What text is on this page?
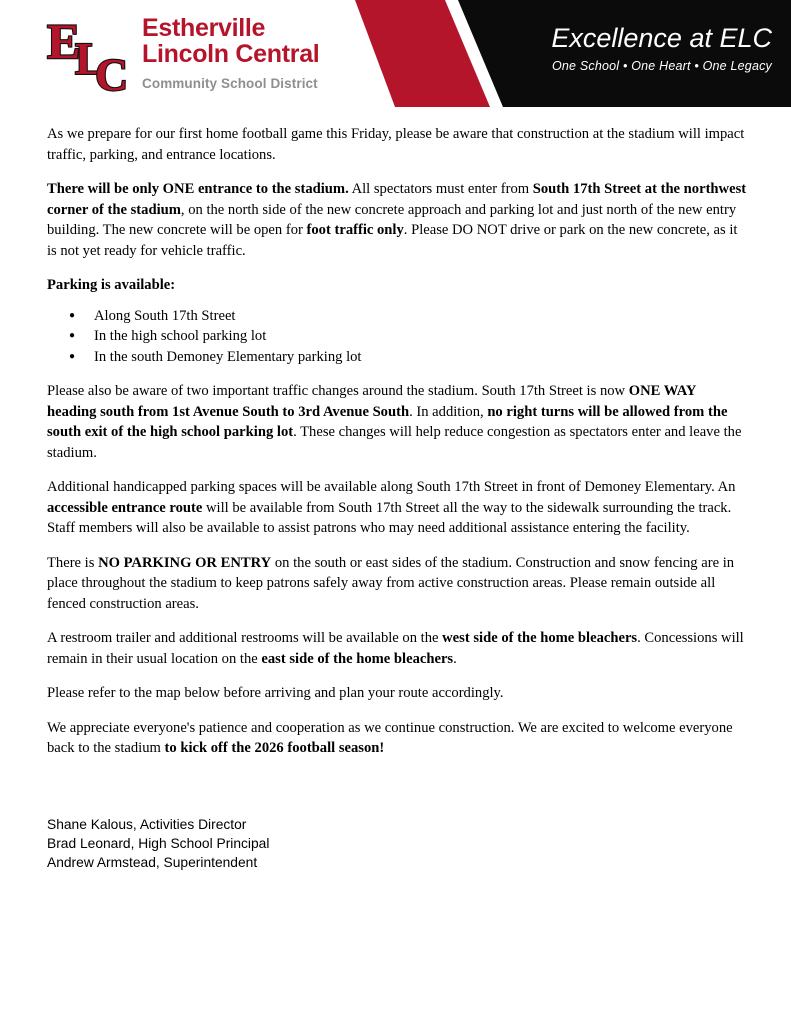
E
L
C
Estherville
Lincoln Central
Community School District
Excellence at ELC
One School • One Heart • One Legacy

As we prepare for our first home football game this Friday, please be aware that construction at the stadium will impact traffic, parking, and entrance locations.

There will be only ONE entrance to the stadium. All spectators must enter from South 17th Street at the northwest corner of the stadium, on the north side of the new concrete approach and parking lot and just north of the new entry building. The new concrete will be open for foot traffic only. Please DO NOT drive or park on the new concrete, as it is not yet ready for vehicle traffic.

Parking is available:

● Along South 17th Street
● In the high school parking lot
● In the south Demoney Elementary parking lot

Please also be aware of two important traffic changes around the stadium. South 17th Street is now ONE WAY heading south from 1st Avenue South to 3rd Avenue South. In addition, no right turns will be allowed from the south exit of the high school parking lot. These changes will help reduce congestion as spectators enter and leave the stadium.

Additional handicapped parking spaces will be available along South 17th Street in front of Demoney Elementary. An accessible entrance route will be available from South 17th Street all the way to the sidewalk surrounding the track. Staff members will also be available to assist patrons who may need additional assistance entering the facility.

There is NO PARKING OR ENTRY on the south or east sides of the stadium. Construction and snow fencing are in place throughout the stadium to keep patrons safely away from active construction areas. Please remain outside all fenced construction areas.

A restroom trailer and additional restrooms will be available on the west side of the home bleachers. Concessions will remain in their usual location on the east side of the home bleachers.

Please refer to the map below before arriving and plan your route accordingly.

We appreciate everyone's patience and cooperation as we continue construction. We are excited to welcome everyone back to the stadium to kick off the 2026 football season!

Shane Kalous, Activities Director
Brad Leonard, High School Principal
Andrew Armstead, Superintendent
